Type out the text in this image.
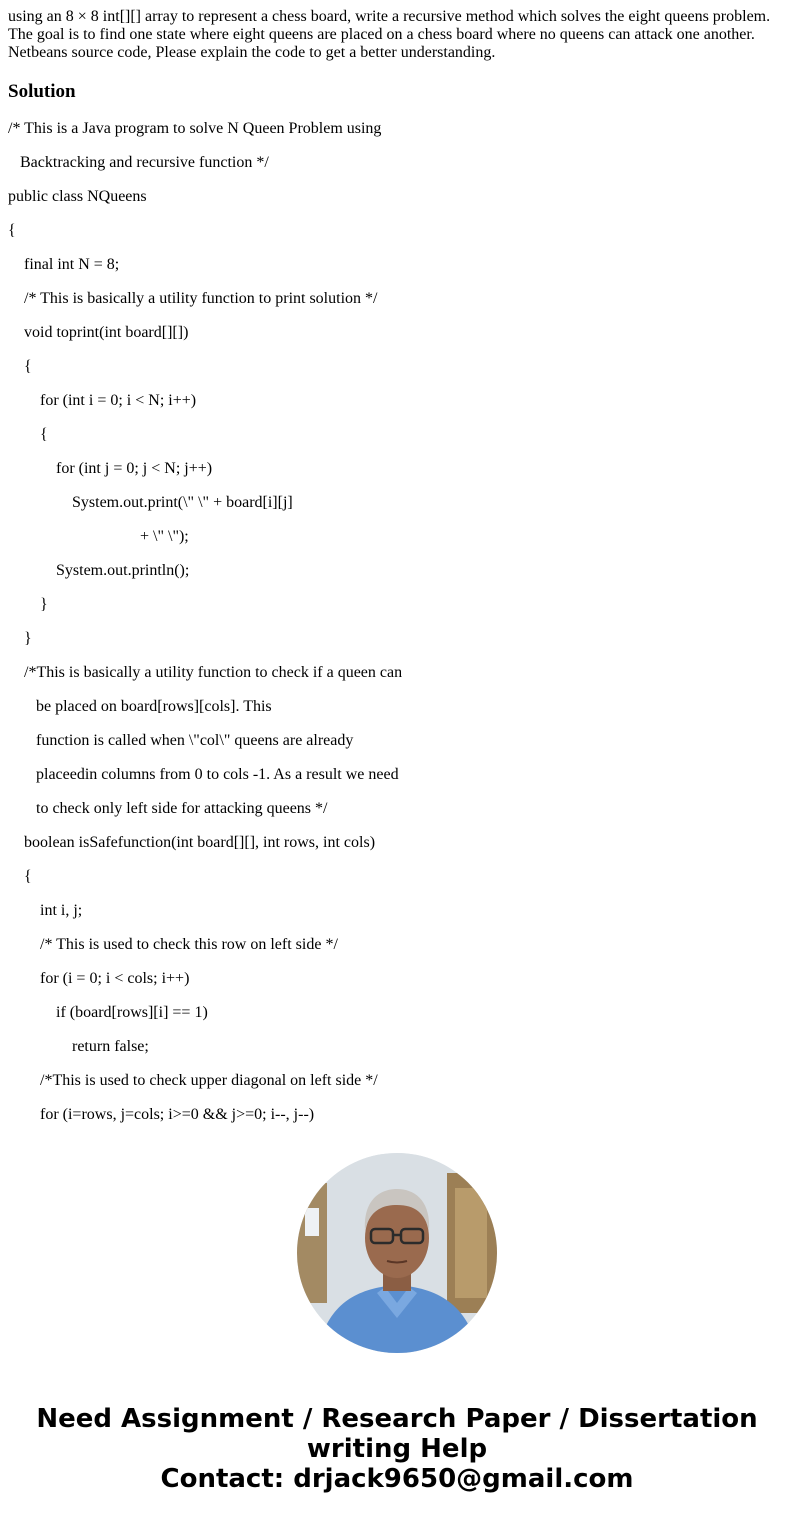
using an 8 × 8 int[][] array to represent a chess board, write a recursive method which solves the eight queens problem. The goal is to find one state where eight queens are placed on a chess board where no queens can attack one another. Netbeans source code, Please explain the code to get a better understanding.

Solution

/* This is a Java program to solve N Queen Problem using

Backtracking and recursive function */

public class NQueens

{

final int N = 8;

/* This is basically a utility function to print solution */

void toprint(int board[][])

{

for (int i = 0; i < N; i++)

{

for (int j = 0; j < N; j++)

System.out.print(\" \" + board[i][j]

+ \" \");

System.out.println();

}

}

/*This is basically a utility function to check if a queen can

be placed on board[rows][cols]. This

function is called when \"col\" queens are already

placeedin columns from 0 to cols -1. As a result we need

to check only left side for attacking queens */

boolean isSafefunction(int board[][], int rows, int cols)

{

int i, j;

/* This is used to check this row on left side */

for (i = 0; i < cols; i++)

if (board[rows][i] == 1)

return false;

/*This is used to check upper diagonal on left side */

for (i=rows, j=cols; i>=0 && j>=0; i--, j--)

Need Assignment / Research Paper / Dissertation

writing Help

Contact: drjack9650@gmail.com
